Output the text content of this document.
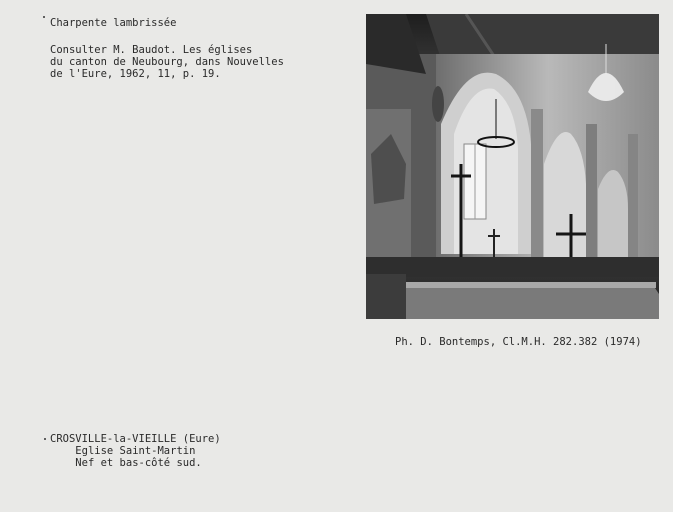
Charpente lambrissée
Consulter M. Baudot. Les églises
du canton de Neubourg, dans Nouvelles
de l'Eure, 1962, 11, p. 19.
Ph. D. Bontemps, Cl.M.H. 282.382 (1974)
CROSVILLE-la-VIEILLE (Eure)
Eglise Saint-Martin
Nef et bas-côté sud.
